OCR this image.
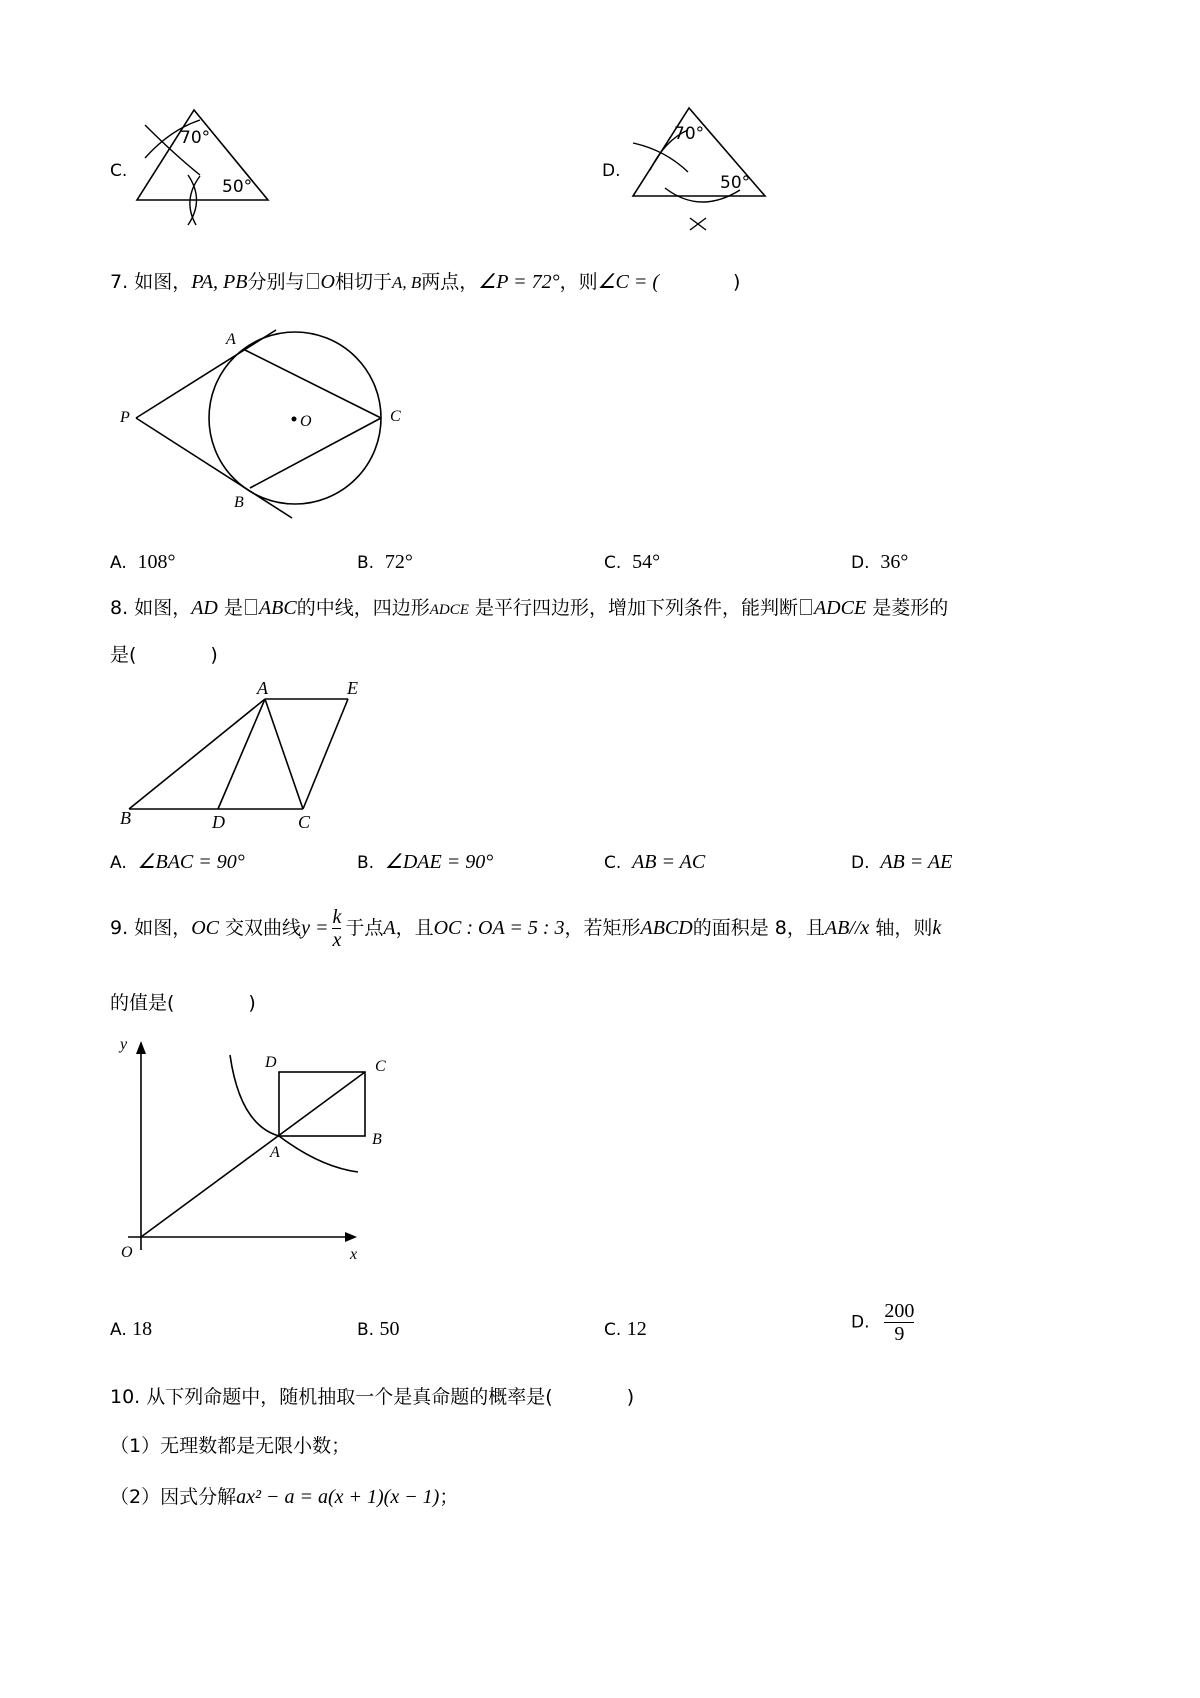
C.
70°
50°
D.
70°
50°
7. 如图，PA, PB分别与 O相切于A, B两点，∠P = 72°，则∠C = (	)
P
A
B
C
O
A. 108°	B. 72°	C. 54°	D. 36°
8. 如图，AD 是 ABC的中线，四边形ADCE 是平行四边形，增加下列条件，能判断 ADCE 是菱形的
是(	)
A	E
B	D	C
A. ∠BAC = 90°	B. ∠DAE = 90°	C. AB = AC	D. AB = AE
9. 如图，OC 交双曲线$y = \frac{k}{x}$ 于点A，且OC : OA = 5 : 3，若矩形ABCD的面积是 8，且AB//x 轴，则k
的值是(	)
y
x
O
A
B
C
D
A. 18	B. 50	C. 12	D. $\frac{200}{9}$
10. 从下列命题中，随机抽取一个是真命题的概率是(	)
（1）无理数都是无限小数；
（2）因式分解ax² − a = a(x + 1)(x − 1)；
